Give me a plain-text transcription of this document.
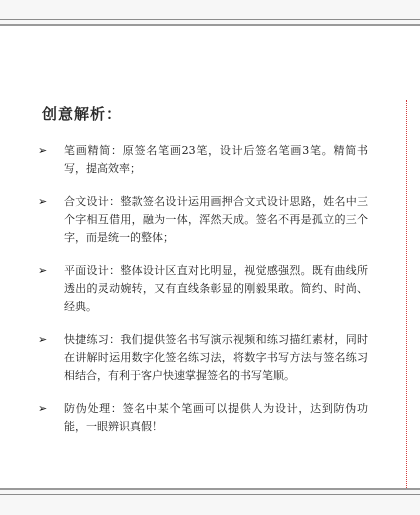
创意解析：
➢	笔画精简：原签名笔画23笔，设计后签名笔画3笔。精简书写，提高效率；
➢	合文设计：整款签名设计运用画押合文式设计思路，姓名中三个字相互借用，融为一体，浑然天成。签名不再是孤立的三个字，而是统一的整体；
➢	平面设计：整体设计区直对比明显，视觉感强烈。既有曲线所透出的灵动婉转，又有直线条彰显的刚毅果敢。简约、时尚、经典。
➢	快捷练习：我们提供签名书写演示视频和练习描红素材，同时在讲解时运用数字化签名练习法，将数字书写方法与签名练习相结合，有利于客户快速掌握签名的书写笔顺。
➢	防伪处理：签名中某个笔画可以提供人为设计，达到防伪功能，一眼辨识真假！
